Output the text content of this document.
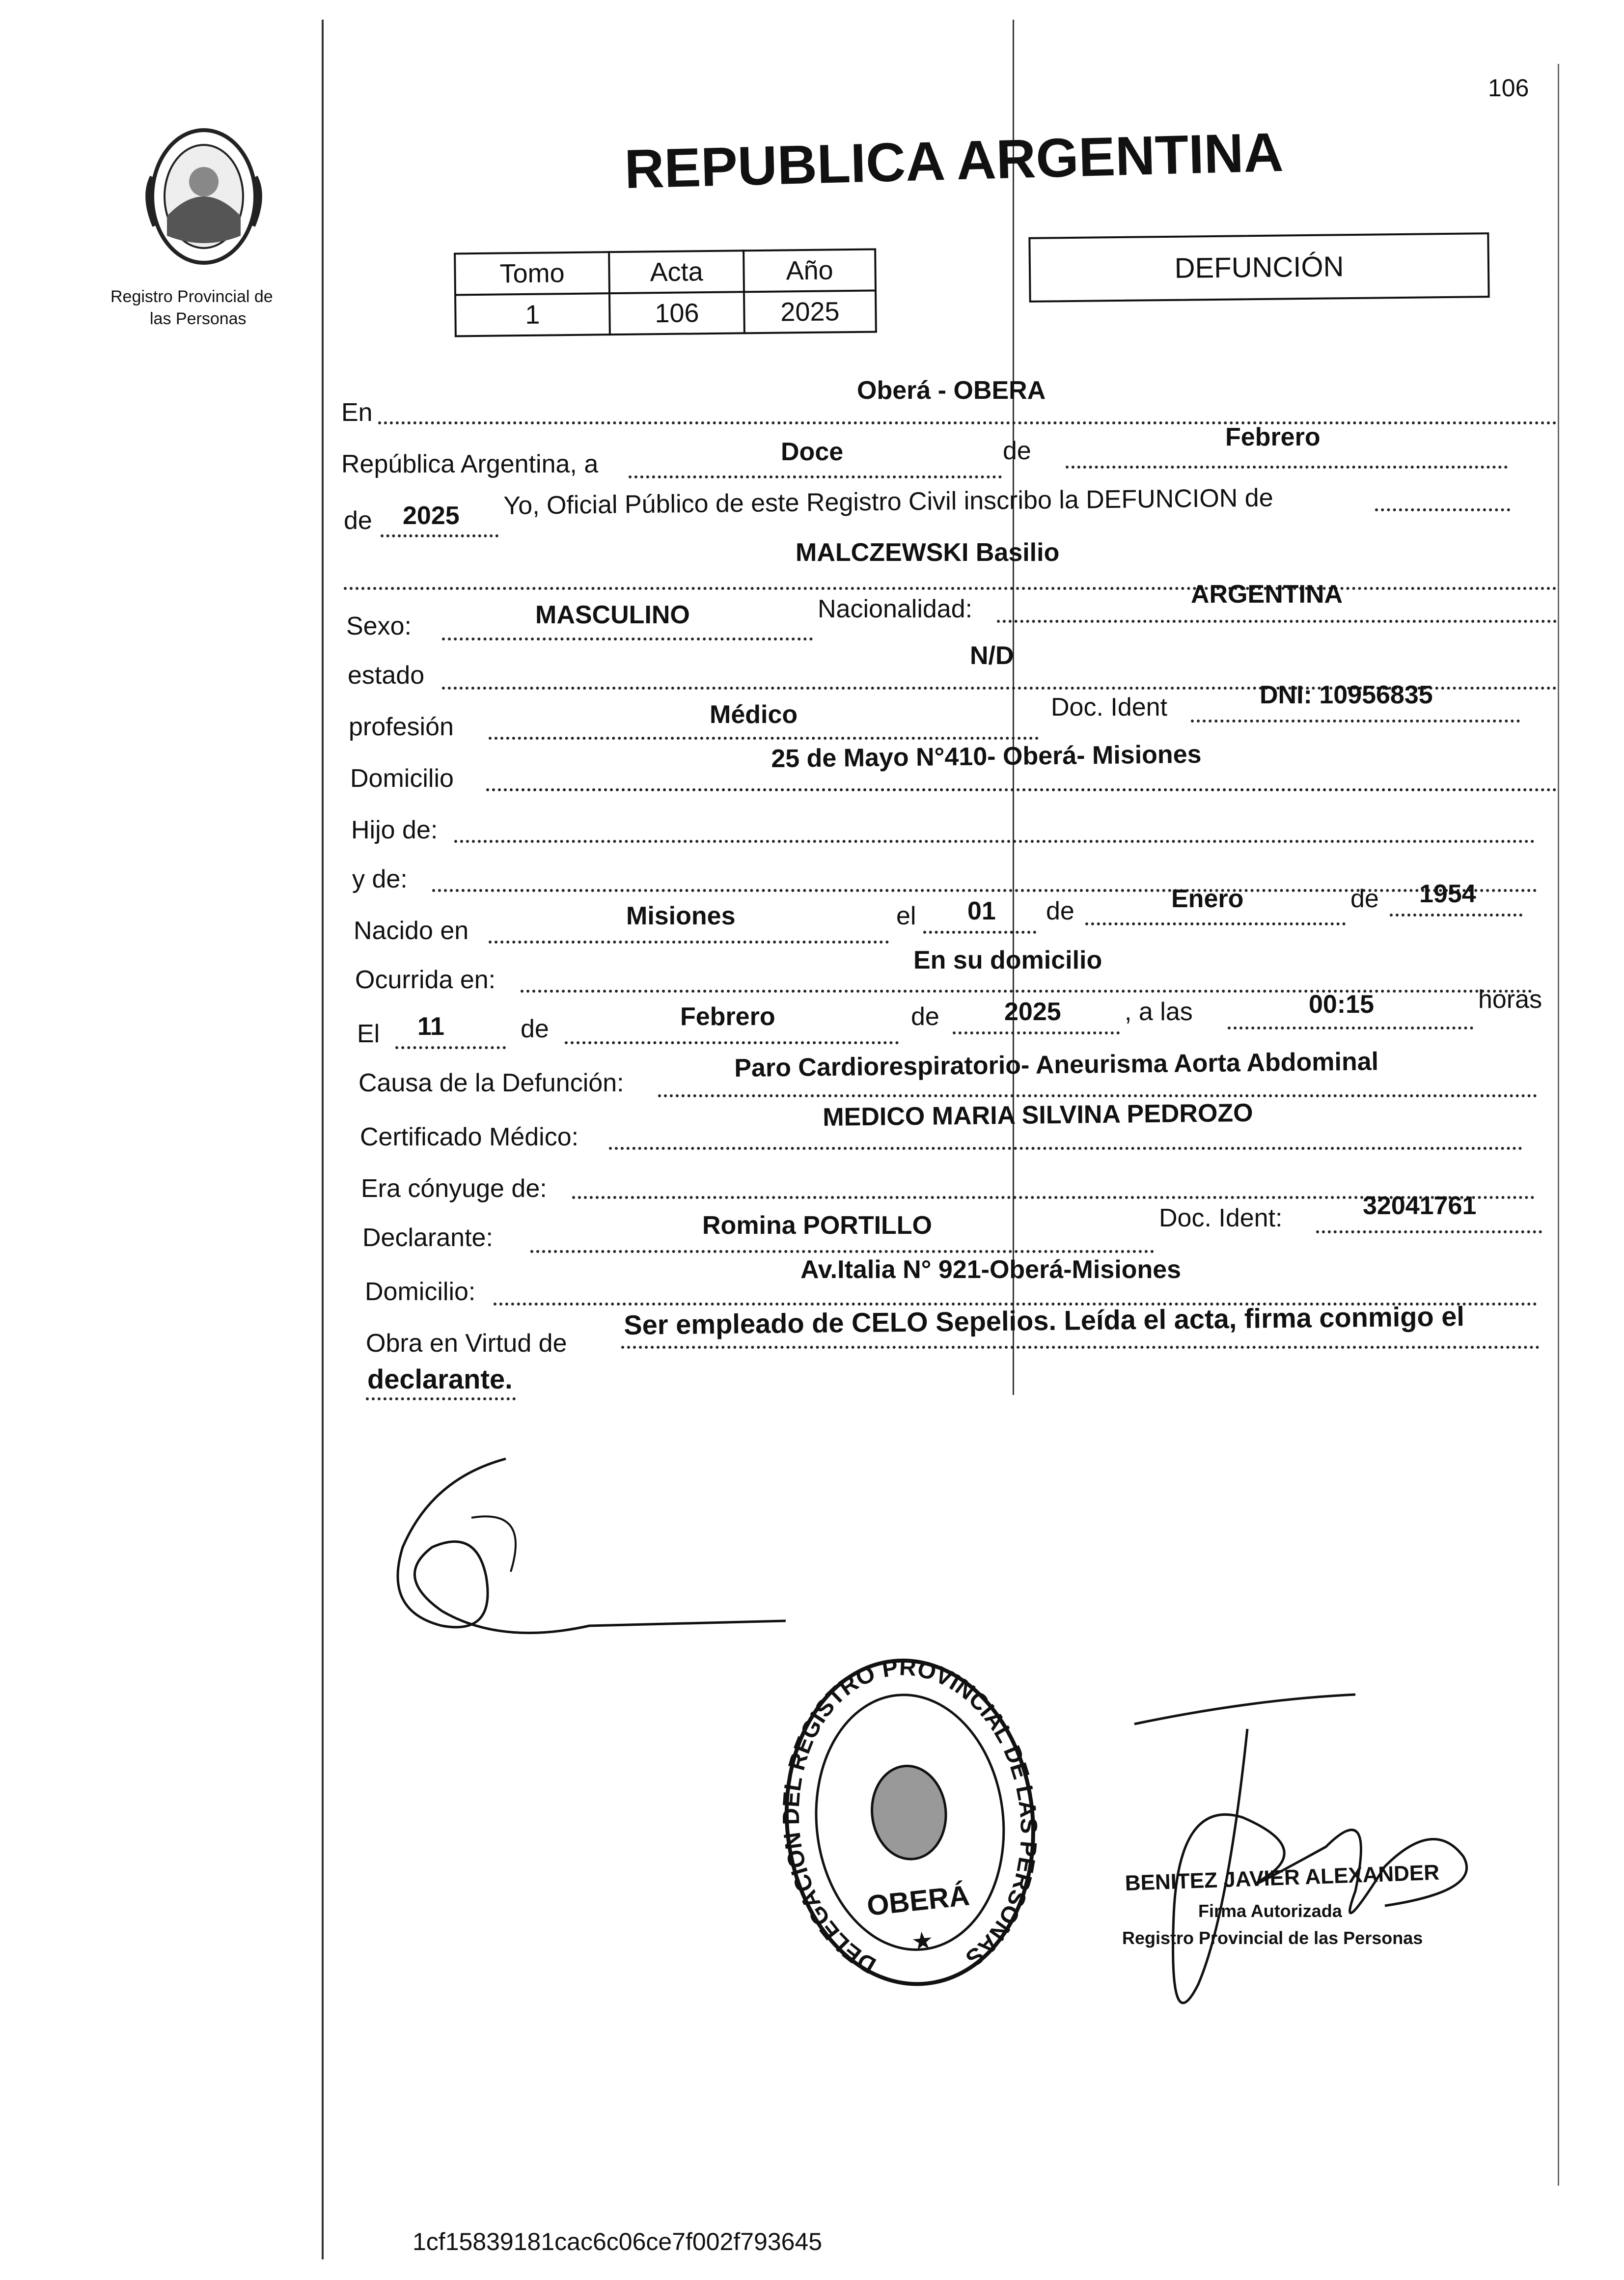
106
Registro Provincial de
las Personas
REPUBLICA ARGENTINA
Tomo	Acta	Año
1	106	2025
DEFUNCIÓN
En
Oberá - OBERA
República Argentina, a	Doce	de	Febrero
de 2025 Yo, Oficial Público de este Registro Civil inscribo la DEFUNCION de
MALCZEWSKI Basilio
Sexo:	MASCULINO	Nacionalidad:
ARGENTINA
estado
N/D
profesión	Médico	Doc. Ident	DNI: 10956835
Domicilio
25 de Mayo N°410- Oberá- Misiones
Hijo de:
y de:
Nacido en
Misiones	el 01 de	Enero	de 1954
Ocurrida en:
En su domicilio
El 11	de	Febrero	de	2025 , a las	00:15	horas
Causa de la Defunción:
Paro Cardiorespiratorio- Aneurisma Aorta Abdominal
Certificado Médico:
MEDICO MARIA SILVINA PEDROZO
Era cónyuge de:
Declarante:	Romina PORTILLO	Doc. Ident:	32041761
Domicilio:
Av.Italia N° 921-Oberá-Misiones
Obra en Virtud de
Ser empleado de CELO Sepelios. Leída el acta, firma conmigo el
declarante.
DELEGACION DEL REGISTRO PROVINCIAL DE LAS PERSONAS
OBERÁ
★
BENITEZ JAVIER ALEXANDER
Firma Autorizada
Registro Provincial de las Personas
1cf15839181cac6c06ce7f002f793645
